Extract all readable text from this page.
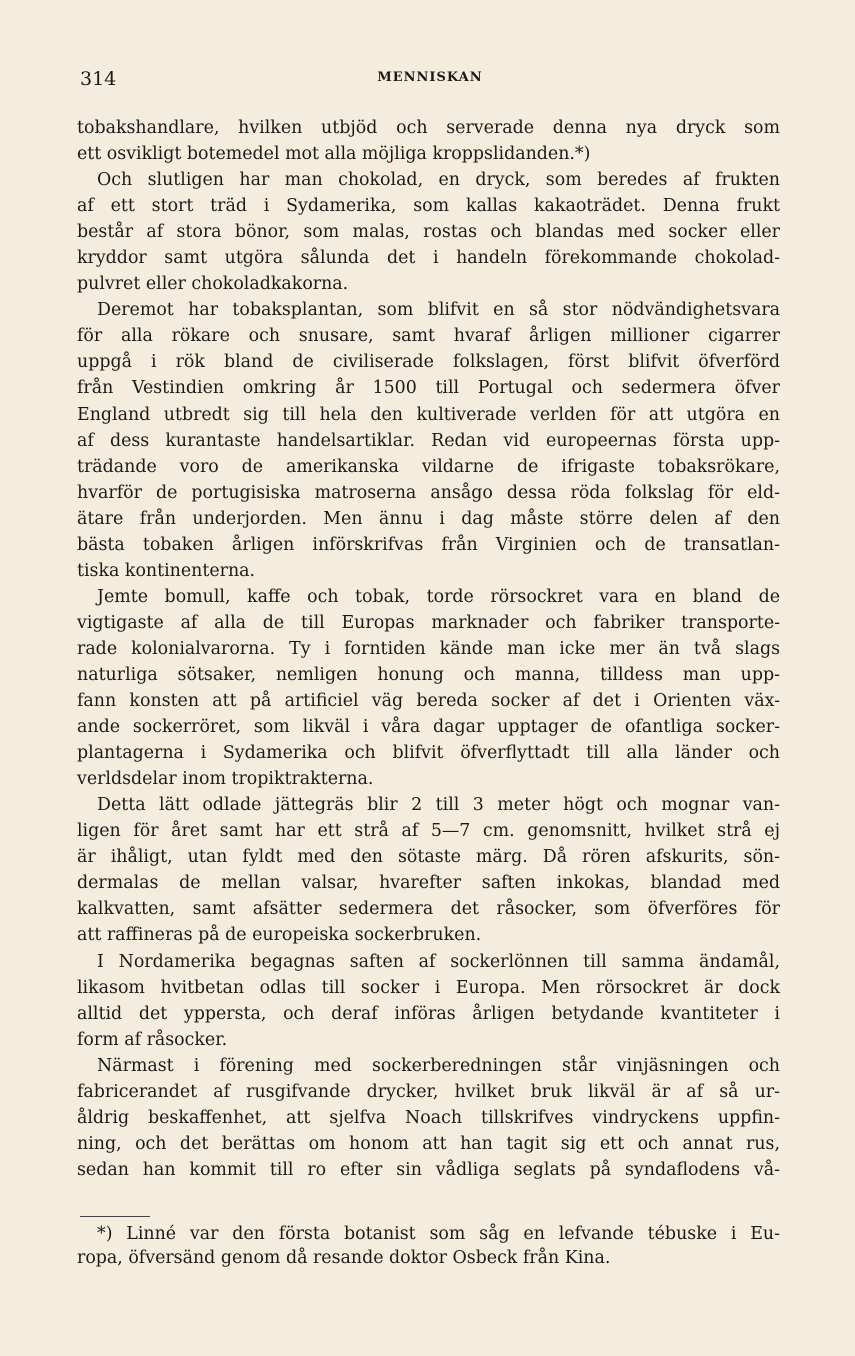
314	MENNISKAN
tobakshandlare, hvilken utbjöd och serverade denna nya dryck som
ett osvikligt botemedel mot alla möjliga kroppslidanden.*)
Och slutligen har man chokolad, en dryck, som beredes af frukten
af ett stort träd i Sydamerika, som kallas kakaoträdet. Denna frukt
består af stora bönor, som malas, rostas och blandas med socker eller
kryddor samt utgöra sålunda det i handeln förekommande chokolad-
pulvret eller chokoladkakorna.
Deremot har tobaksplantan, som blifvit en så stor nödvändighetsvara
för alla rökare och snusare, samt hvaraf årligen millioner cigarrer
uppgå i rök bland de civiliserade folkslagen, först blifvit öfverförd
från Vestindien omkring år 1500 till Portugal och sedermera öfver
England utbredt sig till hela den kultiverade verlden för att utgöra en
af dess kurantaste handelsartiklar. Redan vid europeernas första upp-
trädande voro de amerikanska vildarne de ifrigaste tobaksrökare,
hvarför de portugisiska matroserna ansågo dessa röda folkslag för eld-
ätare från underjorden. Men ännu i dag måste större delen af den
bästa tobaken årligen införskrifvas från Virginien och de transatlan-
tiska kontinenterna.
Jemte bomull, kaffe och tobak, torde rörsockret vara en bland de
vigtigaste af alla de till Europas marknader och fabriker transporte-
rade kolonialvarorna. Ty i forntiden kände man icke mer än två slags
naturliga sötsaker, nemligen honung och manna, tilldess man upp-
fann konsten att på artificiel väg bereda socker af det i Orienten väx-
ande sockerröret, som likväl i våra dagar upptager de ofantliga socker-
plantagerna i Sydamerika och blifvit öfverflyttadt till alla länder och
verldsdelar inom tropiktrakterna.
Detta lätt odlade jättegräs blir 2 till 3 meter högt och mognar van-
ligen för året samt har ett strå af 5—7 cm. genomsnitt, hvilket strå ej
är ihåligt, utan fyldt med den sötaste märg. Då rören afskurits, sön-
dermalas de mellan valsar, hvarefter saften inkokas, blandad med
kalkvatten, samt afsätter sedermera det råsocker, som öfverföres för
att raffineras på de europeiska sockerbruken.
I Nordamerika begagnas saften af sockerlönnen till samma ändamål,
likasom hvitbetan odlas till socker i Europa. Men rörsockret är dock
alltid det yppersta, och deraf införas årligen betydande kvantiteter i
form af råsocker.
Närmast i förening med sockerberedningen står vinjäsningen och
fabricerandet af rusgifvande drycker, hvilket bruk likväl är af så ur-
åldrig beskaffenhet, att sjelfva Noach tillskrifves vindryckens uppfin-
ning, och det berättas om honom att han tagit sig ett och annat rus,
sedan han kommit till ro efter sin vådliga seglats på syndaflodens vå-
*) Linné var den första botanist som såg en lefvande tébuske i Eu-
ropa, öfversänd genom då resande doktor Osbeck från Kina.
